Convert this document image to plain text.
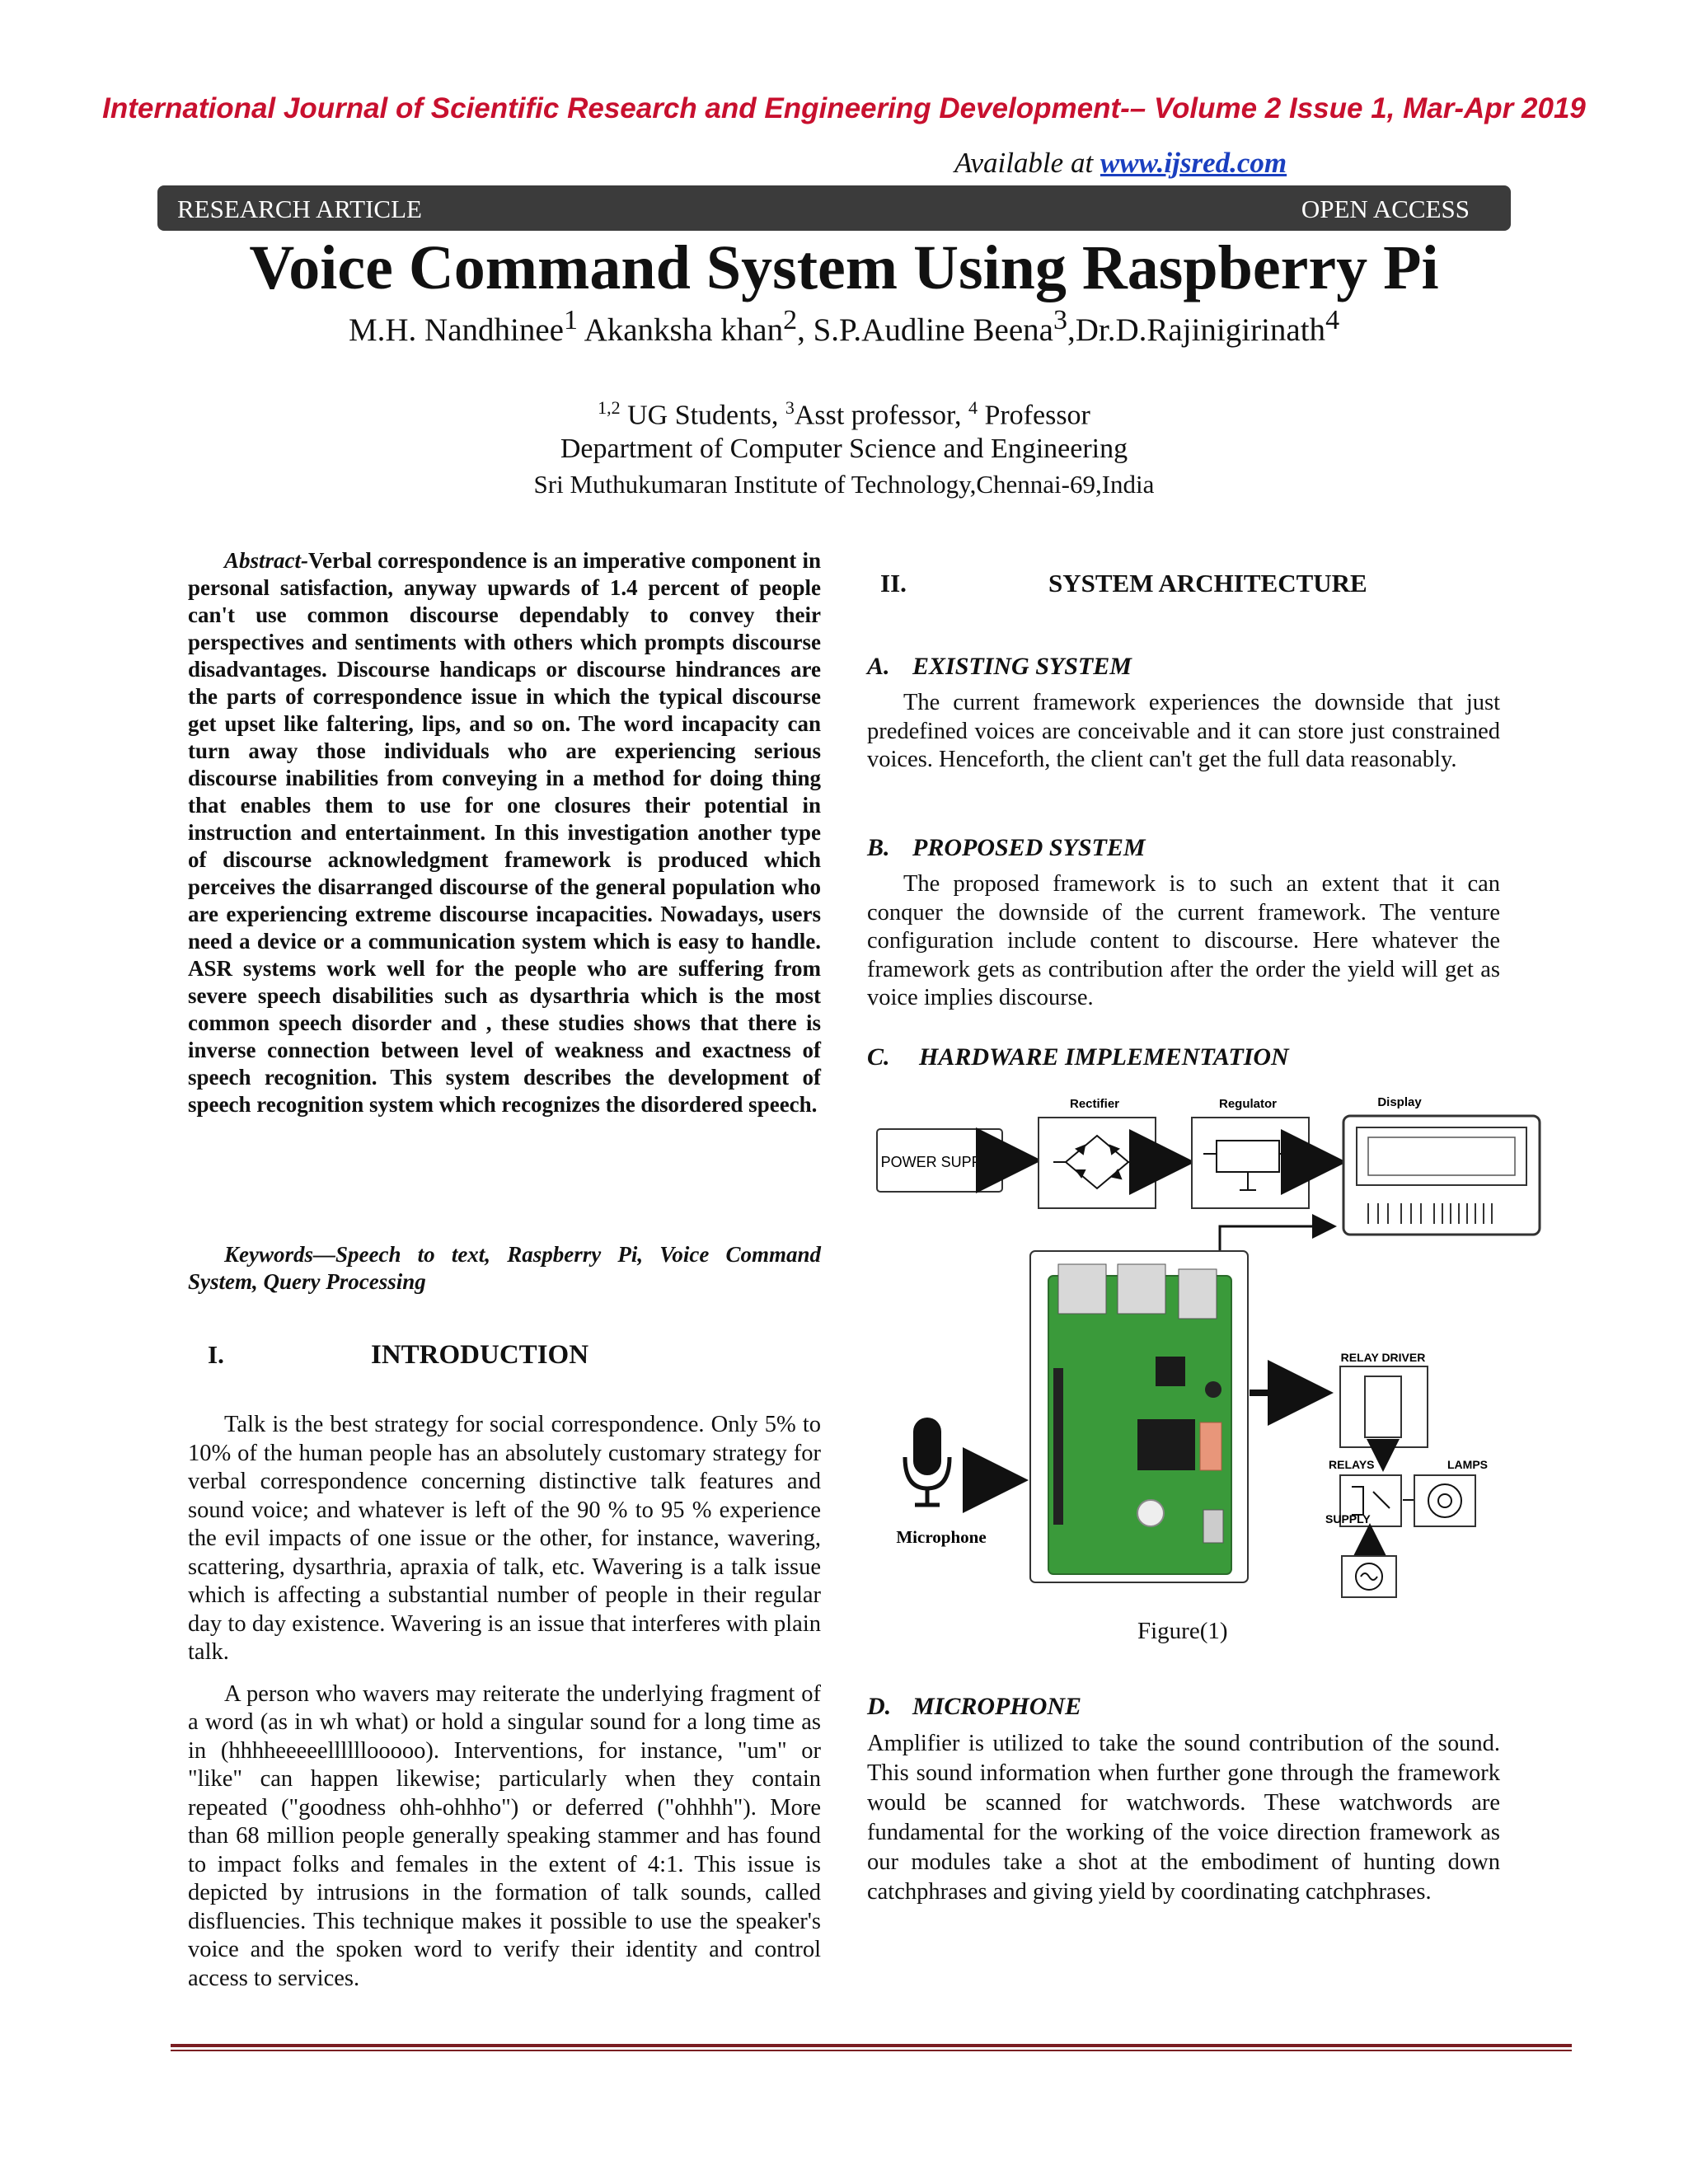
International Journal of Scientific Research and Engineering Development-– Volume 2 Issue 1, Mar-Apr 2019
Available at www.ijsred.com
RESEARCH ARTICLE	OPEN ACCESS
Voice Command System Using Raspberry Pi
M.H. Nandhinee$^1$ Akanksha khan$^2$, S.P.Audline Beena$^3$,Dr.D.Rajinigirinath$^4$
$^{1,2}$ UG Students, $^3$Asst professor, $^4$ Professor
Department of Computer Science and Engineering
Sri Muthukumaran Institute of Technology,Chennai-69,India

Abstract-Verbal correspondence is an imperative component in personal satisfaction, anyway upwards of 1.4 percent of people can't use common discourse dependably to convey their perspectives and sentiments with others which prompts discourse disadvantages. Discourse handicaps or discourse hindrances are the parts of correspondence issue in which the typical discourse get upset like faltering, lips, and so on. The word incapacity can turn away those individuals who are experiencing serious discourse inabilities from conveying in a method for doing thing that enables them to use for one closures their potential in instruction and entertainment. In this investigation another type of discourse acknowledgment framework is produced which perceives the disarranged discourse of the general population who are experiencing extreme discourse incapacities. Nowadays, users need a device or a communication system which is easy to handle. ASR systems work well for the people who are suffering from severe speech disabilities such as dysarthria which is the most common speech disorder and , these studies shows that there is inverse connection between level of weakness and exactness of speech recognition. This system describes the development of speech recognition system which recognizes the disordered speech.

Keywords—Speech to text, Raspberry Pi, Voice Command System, Query Processing

I.	INTRODUCTION

Talk is the best strategy for social correspondence. Only 5% to 10% of the human people has an absolutely customary strategy for verbal correspondence concerning distinctive talk features and sound voice; and whatever is left of the 90 % to 95 % experience the evil impacts of one issue or the other, for instance, wavering, scattering, dysarthria, apraxia of talk, etc. Wavering is a talk issue which is affecting a substantial number of people in their regular day to day existence. Wavering is an issue that interferes with plain talk.

A person who wavers may reiterate the underlying fragment of a word (as in wh what) or hold a singular sound for a long time as in (hhhheeeeellllllooooo). Interventions, for instance, "um" or "like" can happen likewise; particularly when they contain repeated ("goodness ohh-ohhho") or deferred ("ohhhh"). More than 68 million people generally speaking stammer and has found to impact folks and females in the extent of 4:1. This issue is depicted by intrusions in the formation of talk sounds, called disfluencies. This technique makes it possible to use the speaker's voice and the spoken word to verify their identity and control access to services.

II.	SYSTEM ARCHITECTURE
A. EXISTING SYSTEM

The current framework experiences the downside that just predefined voices are conceivable and it can store just constrained voices. Henceforth, the client can't get the full data reasonably.

B. PROPOSED SYSTEM

The proposed framework is to such an extent that it can conquer the downside of the current framework. The venture configuration include content to discourse. Here whatever the framework gets as contribution after the order the yield will get as voice implies discourse.

C. HARDWARE IMPLEMENTATION
POWER SUPPLY
Rectifier	Regulator	Display
RELAY DRIVER
RELAYS	LAMPS
SUPPLY
Microphone
Figure(1)
D. MICROPHONE

Amplifier is utilized to take the sound contribution of the sound. This sound information when further gone through the framework would be scanned for watchwords. These watchwords are fundamental for the working of the voice direction framework as our modules take a shot at the embodiment of hunting down catchphrases and giving yield by coordinating catchphrases.
